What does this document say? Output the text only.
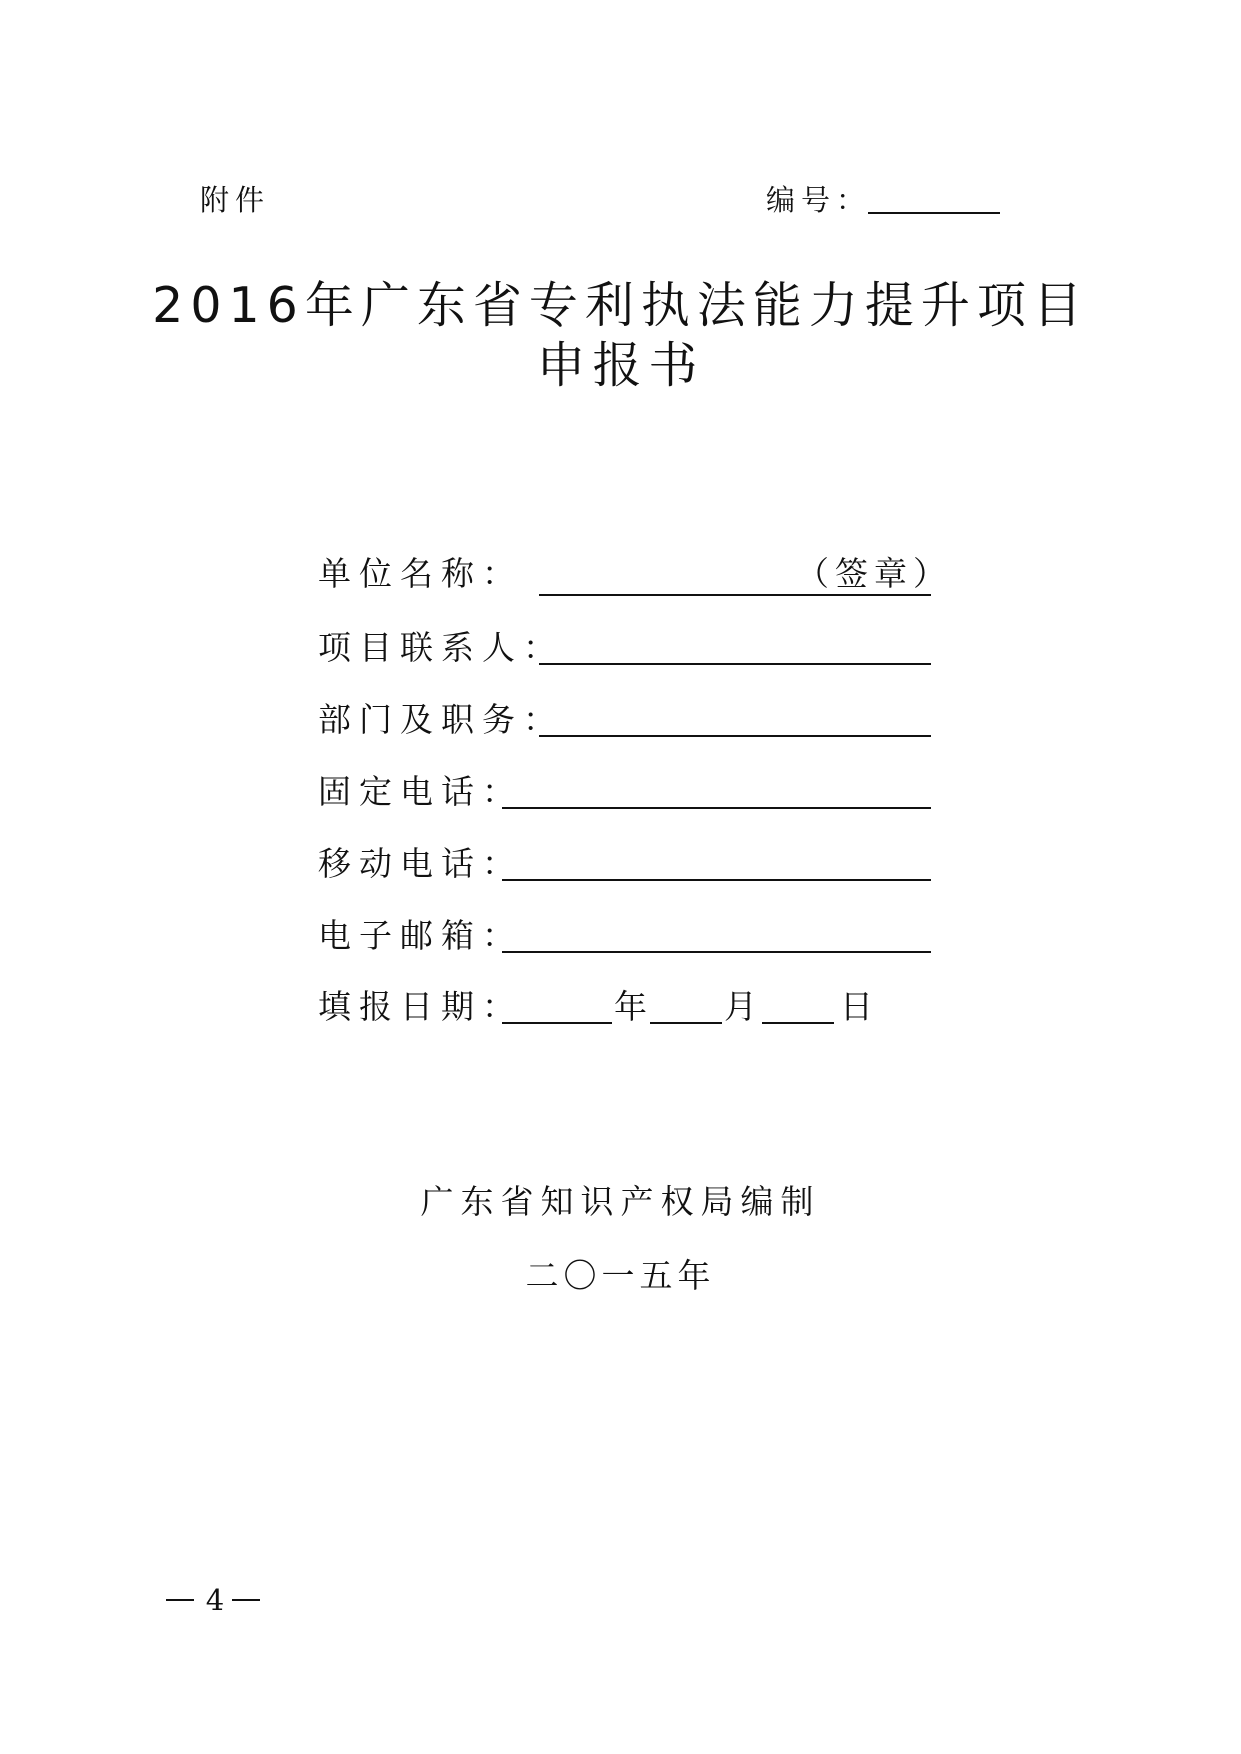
附件	编号：
2016年广东省专利执法能力提升项目
申报书
单位名称：	（签章）
项目联系人：
部门及职务：
固定电话：
移动电话：
电子邮箱：
填报日期：	年 月	日
广东省知识产权局编制
二〇一五年
4
